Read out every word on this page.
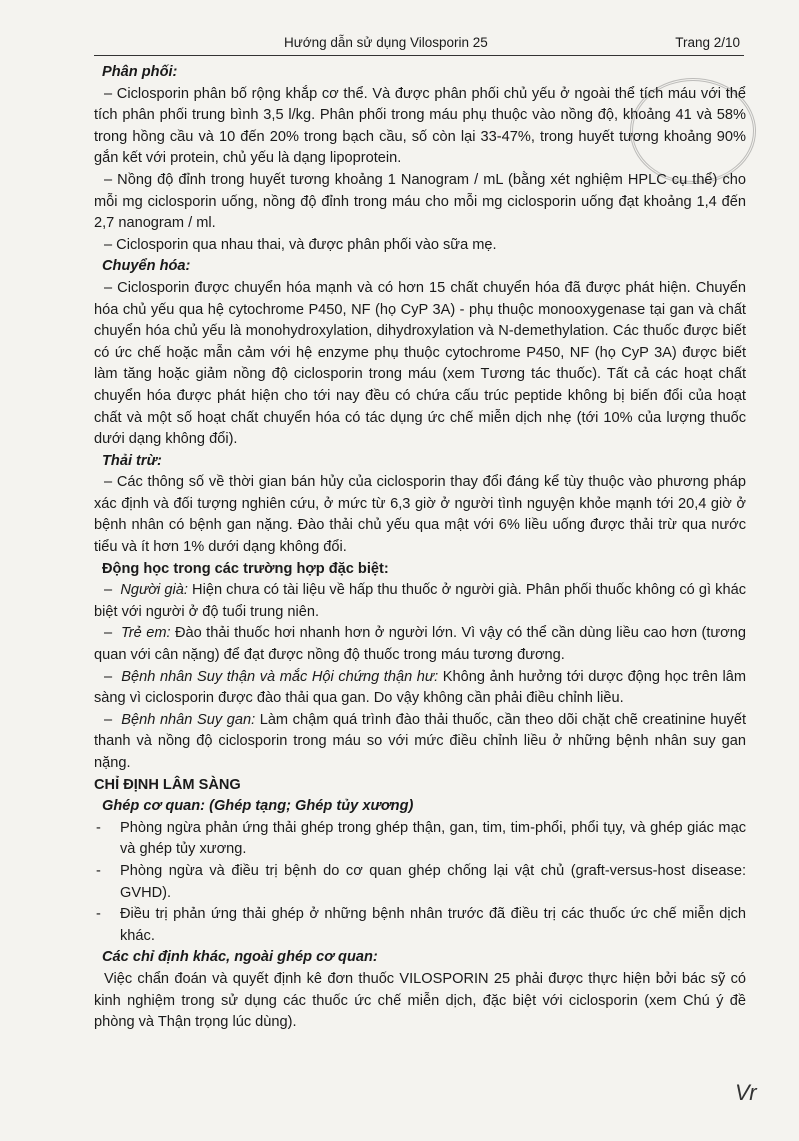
Hướng dẫn sử dụng Vilosporin 25	Trang 2/10

Phân phối:

– Ciclosporin phân bố rộng khắp cơ thể. Và được phân phối chủ yếu ở ngoài thể tích máu với thể tích phân phối trung bình 3,5 l/kg. Phân phối trong máu phụ thuộc vào nồng độ, khoảng 41 và 58% trong hồng cầu và 10 đến 20% trong bạch cầu, số còn lại 33-47%, trong huyết tương khoảng 90% gắn kết với protein, chủ yếu là dạng lipoprotein.

– Nồng độ đỉnh trong huyết tương khoảng 1 Nanogram / mL (bằng xét nghiệm HPLC cụ thể) cho mỗi mg ciclosporin uống, nồng độ đỉnh trong máu cho mỗi mg ciclosporin uống đạt khoảng 1,4 đến 2,7 nanogram / ml.

– Ciclosporin qua nhau thai, và được phân phối vào sữa mẹ.

Chuyển hóa:

– Ciclosporin được chuyển hóa mạnh và có hơn 15 chất chuyển hóa đã được phát hiện. Chuyển hóa chủ yếu qua hệ cytochrome P450, NF (họ CyP 3A) - phụ thuộc monooxygenase tại gan và chất chuyển hóa chủ yếu là monohydroxylation, dihydroxylation và N-demethylation. Các thuốc được biết có ức chế hoặc mẫn cảm với hệ enzyme phụ thuộc cytochrome P450, NF (họ CyP 3A) được biết làm tăng hoặc giảm nồng độ ciclosporin trong máu (xem Tương tác thuốc). Tất cả các hoạt chất chuyển hóa được phát hiện cho tới nay đều có chứa cấu trúc peptide không bị biến đổi của hoạt chất và một số hoạt chất chuyển hóa có tác dụng ức chế miễn dịch nhẹ (tới 10% của lượng thuốc dưới dạng không đổi).

Thải trừ:

– Các thông số về thời gian bán hủy của ciclosporin thay đổi đáng kể tùy thuộc vào phương pháp xác định và đối tượng nghiên cứu, ở mức từ 6,3 giờ ở người tình nguyện khỏe mạnh tới 20,4 giờ ở bệnh nhân có bệnh gan nặng. Đào thải chủ yếu qua mật với 6% liều uống được thải trừ qua nước tiểu và ít hơn 1% dưới dạng không đổi.

Động học trong các trường hợp đặc biệt:

–  Người già: Hiện chưa có tài liệu về hấp thu thuốc ở người già. Phân phối thuốc không có gì khác biệt với người ở độ tuổi trung niên.

–  Trẻ em: Đào thải thuốc hơi nhanh hơn ở người lớn. Vì vậy có thể cần dùng liều cao hơn (tương quan với cân nặng) để đạt được nồng độ thuốc trong máu tương đương.

–  Bệnh nhân Suy thận và mắc Hội chứng thận hư: Không ảnh hưởng tới dược động học trên lâm sàng vì ciclosporin được đào thải qua gan. Do vậy không cần phải điều chỉnh liều.

–  Bệnh nhân Suy gan: Làm chậm quá trình đào thải thuốc, cần theo dõi chặt chẽ creatinine huyết thanh và nồng độ ciclosporin trong máu so với mức điều chỉnh liều ở những bệnh nhân suy gan nặng.

CHỈ ĐỊNH LÂM SÀNG

Ghép cơ quan: (Ghép tạng; Ghép tủy xương)

-	Phòng ngừa phản ứng thải ghép trong ghép thận, gan, tim, tim-phổi, phổi tụy, và ghép giác mạc và ghép tủy xương.

-	Phòng ngừa và điều trị bệnh do cơ quan ghép chống lại vật chủ (graft-versus-host disease: GVHD).

-	Điều trị phản ứng thải ghép ở những bệnh nhân trước đã điều trị các thuốc ức chế miễn dịch khác.

Các chỉ định khác, ngoài ghép cơ quan:

Việc chẩn đoán và quyết định kê đơn thuốc VILOSPORIN 25 phải được thực hiện bởi bác sỹ có kinh nghiệm trong sử dụng các thuốc ức chế miễn dịch, đặc biệt với ciclosporin (xem Chú ý đề phòng và Thận trọng lúc dùng).

Vr
